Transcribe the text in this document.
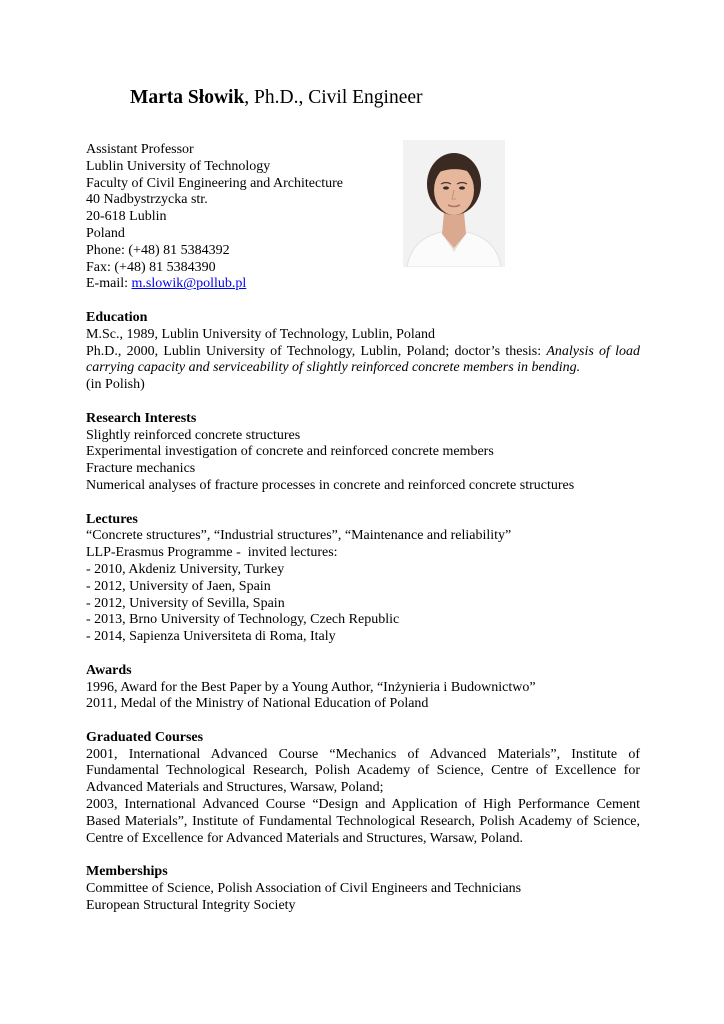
Marta Słowik, Ph.D., Civil Engineer
Assistant Professor
Lublin University of Technology
Faculty of Civil Engineering and Architecture
40 Nadbystrzycka str.
20-618 Lublin
Poland
Phone: (+48) 81 5384392
Fax: (+48) 81 5384390
E-mail: m.slowik@pollub.pl
Education
M.Sc., 1989, Lublin University of Technology, Lublin, Poland
Ph.D., 2000, Lublin University of Technology, Lublin, Poland; doctor’s thesis: Analysis of load carrying capacity and serviceability of slightly reinforced concrete members in bending.
(in Polish)
Research Interests
Slightly reinforced concrete structures
Experimental investigation of concrete and reinforced concrete members
Fracture mechanics
Numerical analyses of fracture processes in concrete and reinforced concrete structures
Lectures
“Concrete structures”, “Industrial structures”, “Maintenance and reliability”
LLP-Erasmus Programme -  invited lectures:
- 2010, Akdeniz University, Turkey
- 2012, University of Jaen, Spain
- 2012, University of Sevilla, Spain
- 2013, Brno University of Technology, Czech Republic
- 2014, Sapienza Universiteta di Roma, Italy
Awards
1996, Award for the Best Paper by a Young Author, “Inżynieria i Budownictwo”
2011, Medal of the Ministry of National Education of Poland
Graduated Courses
2001, International Advanced Course “Mechanics of Advanced Materials”, Institute of Fundamental Technological Research, Polish Academy of Science, Centre of Excellence for Advanced Materials and Structures, Warsaw, Poland;
2003, International Advanced Course “Design and Application of High Performance Cement Based Materials”, Institute of Fundamental Technological Research, Polish Academy of Science, Centre of Excellence for Advanced Materials and Structures, Warsaw, Poland.
Memberships
Committee of Science, Polish Association of Civil Engineers and Technicians
European Structural Integrity Society
